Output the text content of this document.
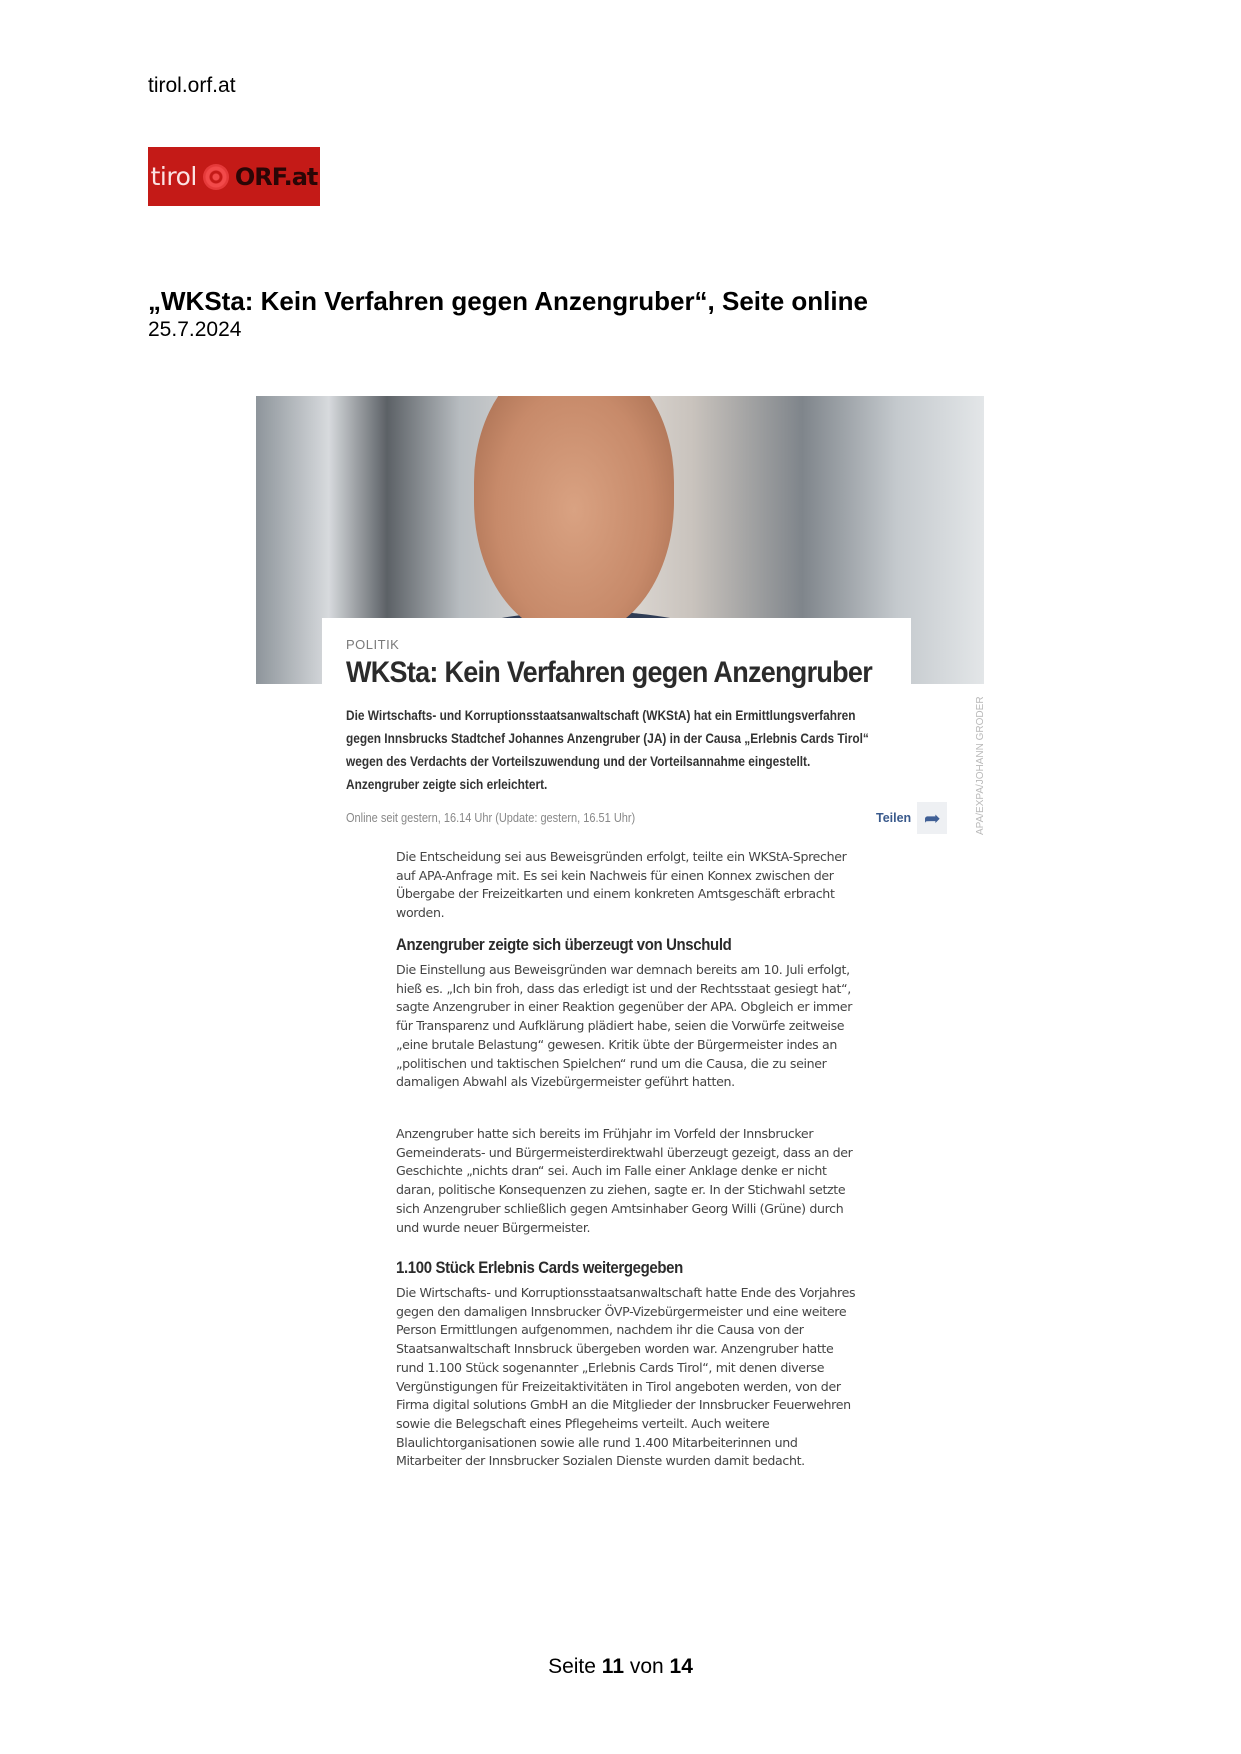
tirol.orf.at
tirol ORF.at
„WKSta: Kein Verfahren gegen Anzengruber“, Seite online
25.7.2024
POLITIK
WKSta: Kein Verfahren gegen Anzengruber
Die Wirtschafts- und Korruptionsstaatsanwaltschaft (WKStA) hat ein Ermittlungsverfahren gegen Innsbrucks Stadtchef Johannes Anzengruber (JA) in der Causa „Erlebnis Cards Tirol“ wegen des Verdachts der Vorteilszuwendung und der Vorteilsannahme eingestellt. Anzengruber zeigte sich erleichtert.
Online seit gestern, 16.14 Uhr (Update: gestern, 16.51 Uhr)	Teilen ➦	APA/EXPA/JOHANN GRODER
Die Entscheidung sei aus Beweisgründen erfolgt, teilte ein WKStA-Sprecher auf APA-Anfrage mit. Es sei kein Nachweis für einen Konnex zwischen der Übergabe der Freizeitkarten und einem konkreten Amtsgeschäft erbracht worden.
Anzengruber zeigte sich überzeugt von Unschuld
Die Einstellung aus Beweisgründen war demnach bereits am 10. Juli erfolgt, hieß es. „Ich bin froh, dass das erledigt ist und der Rechtsstaat gesiegt hat“, sagte Anzengruber in einer Reaktion gegenüber der APA. Obgleich er immer für Transparenz und Aufklärung plädiert habe, seien die Vorwürfe zeitweise „eine brutale Belastung“ gewesen. Kritik übte der Bürgermeister indes an „politischen und taktischen Spielchen“ rund um die Causa, die zu seiner damaligen Abwahl als Vizebürgermeister geführt hatten.
Anzengruber hatte sich bereits im Frühjahr im Vorfeld der Innsbrucker Gemeinderats- und Bürgermeisterdirektwahl überzeugt gezeigt, dass an der Geschichte „nichts dran“ sei. Auch im Falle einer Anklage denke er nicht daran, politische Konsequenzen zu ziehen, sagte er. In der Stichwahl setzte sich Anzengruber schließlich gegen Amtsinhaber Georg Willi (Grüne) durch und wurde neuer Bürgermeister.
1.100 Stück Erlebnis Cards weitergegeben
Die Wirtschafts- und Korruptionsstaatsanwaltschaft hatte Ende des Vorjahres gegen den damaligen Innsbrucker ÖVP-Vizebürgermeister und eine weitere Person Ermittlungen aufgenommen, nachdem ihr die Causa von der Staatsanwaltschaft Innsbruck übergeben worden war. Anzengruber hatte rund 1.100 Stück sogenannter „Erlebnis Cards Tirol“, mit denen diverse Vergünstigungen für Freizeitaktivitäten in Tirol angeboten werden, von der Firma digital solutions GmbH an die Mitglieder der Innsbrucker Feuerwehren sowie die Belegschaft eines Pflegeheims verteilt. Auch weitere Blaulichtorganisationen sowie alle rund 1.400 Mitarbeiterinnen und Mitarbeiter der Innsbrucker Sozialen Dienste wurden damit bedacht.
Seite 11 von 14
